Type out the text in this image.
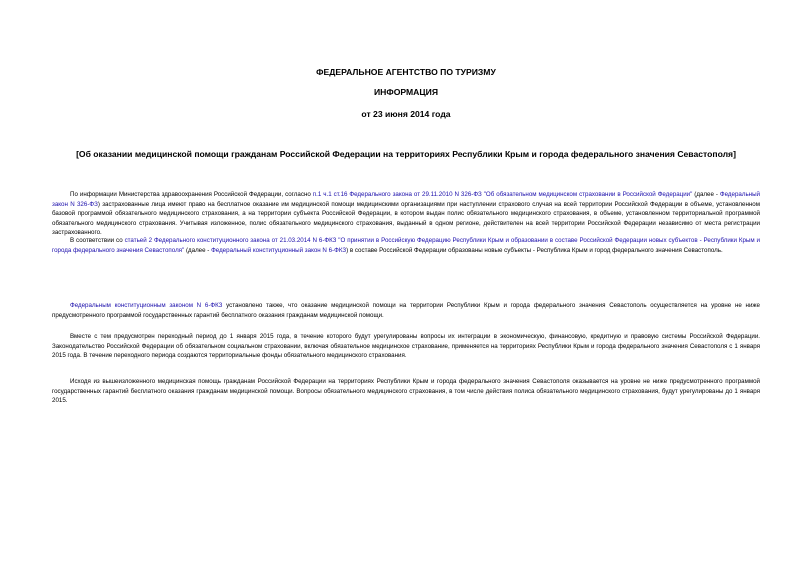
ФЕДЕРАЛЬНОЕ АГЕНТСТВО ПО ТУРИЗМУ
ИНФОРМАЦИЯ
от 23 июня 2014 года
[Об оказании медицинской помощи гражданам Российской Федерации на территориях Республики Крым и города федерального значения Севастополя]

По информации Министерства здравоохранения Российской Федерации, согласно п.1 ч.1 ст.16 Федерального закона от 29.11.2010 N 326-ФЗ "Об обязательном медицинском страховании в Российской Федерации" (далее - Федеральный закон N 326-ФЗ) застрахованные лица имеют право на бесплатное оказание им медицинской помощи медицинскими организациями при наступлении страхового случая на всей территории Российской Федерации в объеме, установленном базовой программой обязательного медицинского страхования, а на территории субъекта Российской Федерации, в котором выдан полис обязательного медицинского страхования, в объеме, установленном территориальной программой обязательного медицинского страхования. Учитывая изложенное, полис обязательного медицинского страхования, выданный в одном регионе, действителен на всей территории Российской Федерации независимо от места регистрации застрахованного.

В соответствии со статьей 2 Федерального конституционного закона от 21.03.2014 N 6-ФКЗ "О принятии в Российскую Федерацию Республики Крым и образовании в составе Российской Федерации новых субъектов - Республики Крым и города федерального значения Севастополя" (далее - Федеральный конституционный закон N 6-ФКЗ) в составе Российской Федерации образованы новые субъекты - Республика Крым и город федерального значения Севастополь.

Федеральным конституционным законом N 6-ФКЗ установлено также, что оказание медицинской помощи на территории Республики Крым и города федерального значения Севастополь осуществляется на уровне не ниже предусмотренного программой государственных гарантий бесплатного оказания гражданам медицинской помощи.

Вместе с тем предусмотрен переходный период до 1 января 2015 года, в течение которого будут урегулированы вопросы их интеграции в экономическую, финансовую, кредитную и правовую системы Российской Федерации. Законодательство Российской Федерации об обязательном социальном страховании, включая обязательное медицинское страхование, применяется на территориях Республики Крым и города федерального значения Севастополя с 1 января 2015 года. В течение переходного периода создаются территориальные фонды обязательного медицинского страхования.

Исходя из вышеизложенного медицинская помощь гражданам Российской Федерации на территориях Республики Крым и города федерального значения Севастополя оказывается на уровне не ниже предусмотренного программой государственных гарантий бесплатного оказания гражданам медицинской помощи. Вопросы обязательного медицинского страхования, в том числе действия полиса обязательного медицинского страхования, будут урегулированы до 1 января 2015.
